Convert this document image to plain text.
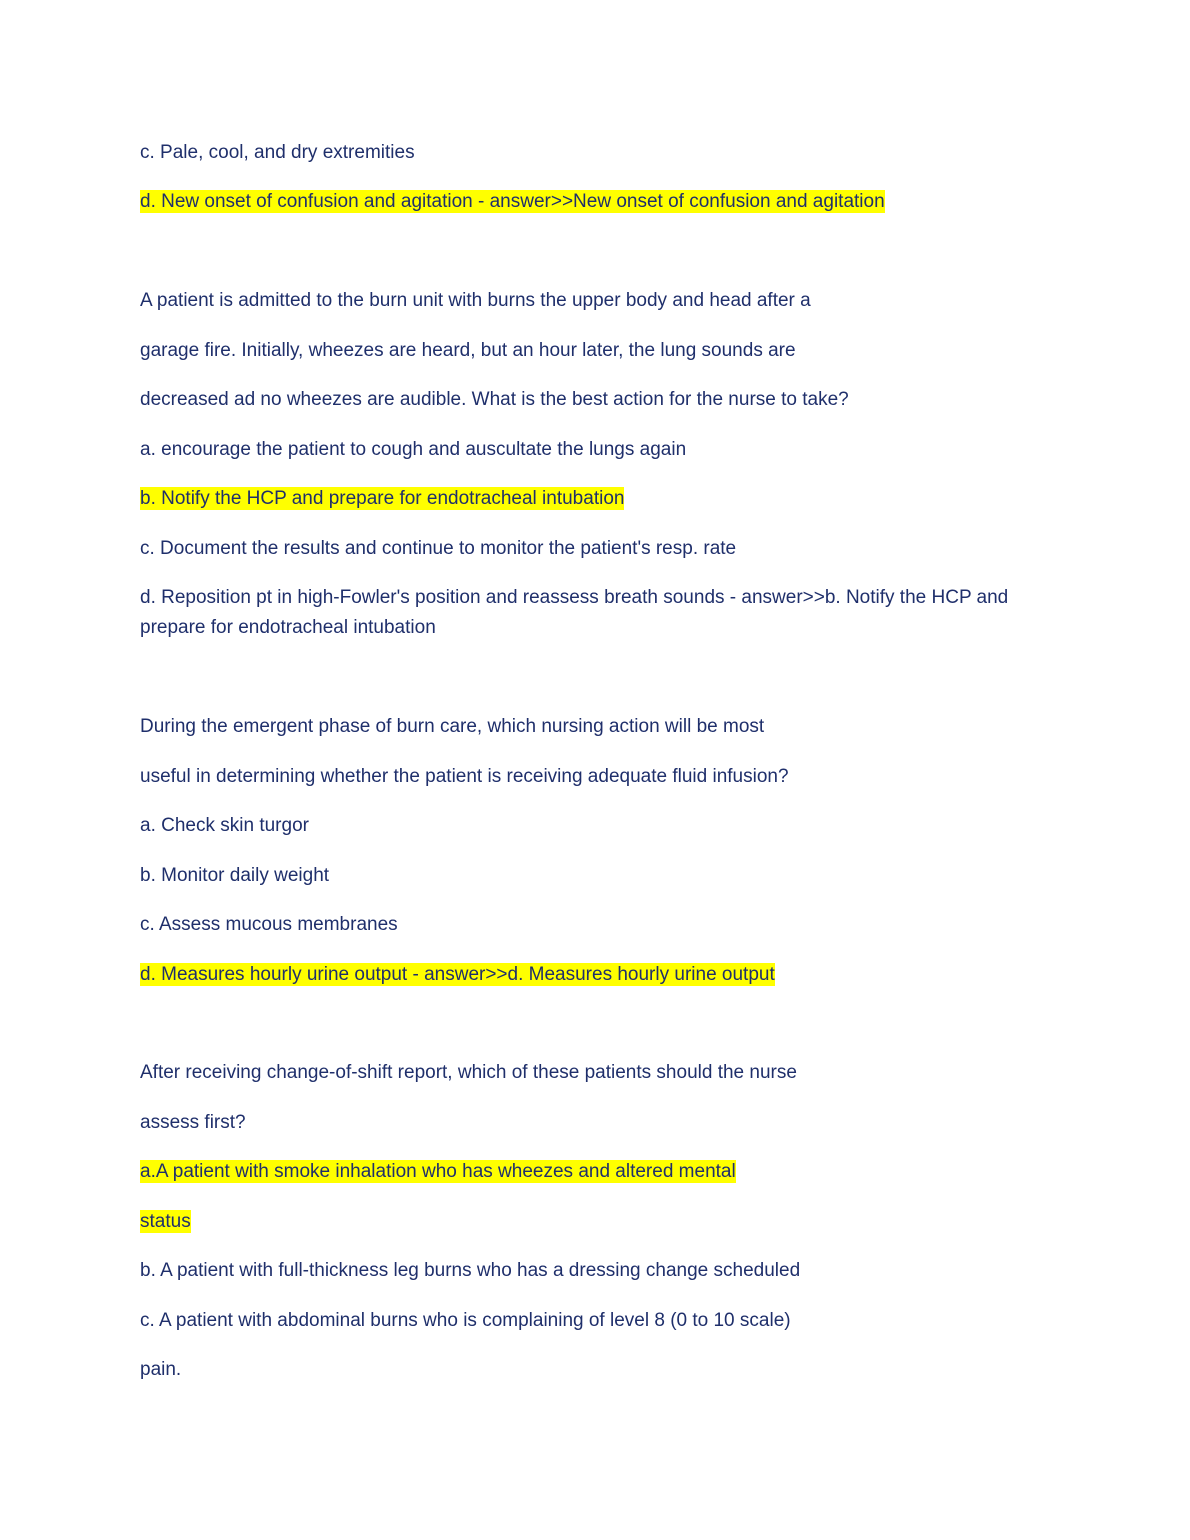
c. Pale, cool, and dry extremities
d. New onset of confusion and agitation - answer>>New onset of confusion and agitation
A patient is admitted to the burn unit with burns the upper body and head after a
garage fire. Initially, wheezes are heard, but an hour later, the lung sounds are
decreased ad no wheezes are audible. What is the best action for the nurse to take?
a. encourage the patient to cough and auscultate the lungs again
b. Notify the HCP and prepare for endotracheal intubation
c. Document the results and continue to monitor the patient's resp. rate
d. Reposition pt in high-Fowler's position and reassess breath sounds - answer>>b. Notify the HCP and prepare for endotracheal intubation
During the emergent phase of burn care, which nursing action will be most
useful in determining whether the patient is receiving adequate fluid infusion?
a. Check skin turgor
b. Monitor daily weight
c. Assess mucous membranes
d. Measures hourly urine output - answer>>d. Measures hourly urine output
After receiving change-of-shift report, which of these patients should the nurse
assess first?
a.A patient with smoke inhalation who has wheezes and altered mental
status
b. A patient with full-thickness leg burns who has a dressing change scheduled
c. A patient with abdominal burns who is complaining of level 8 (0 to 10 scale)
pain.
